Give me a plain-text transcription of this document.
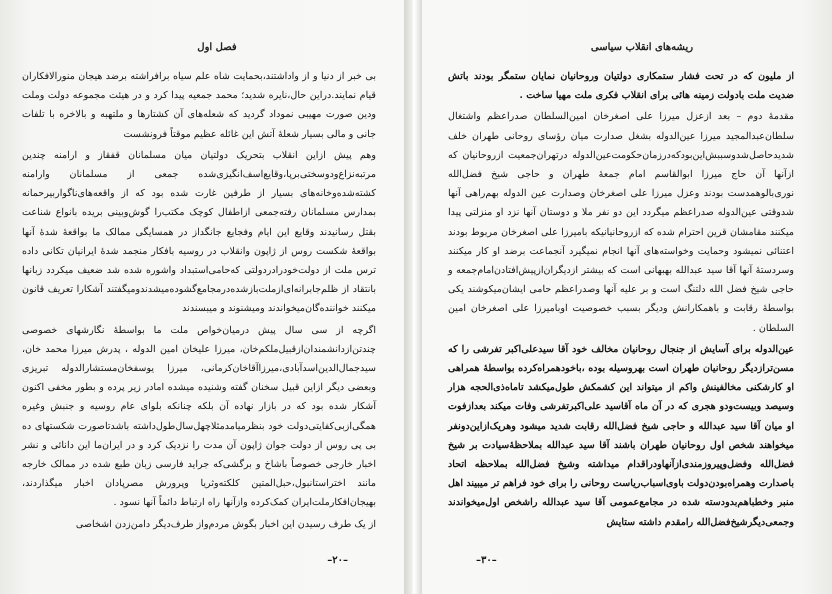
فصل اول

بی خبر از دنیا و از واداشتند،بحمایت شاه علم سیاه برافراشته برضد هیجان منورالافکاران قیام نمایند.دراین حال،نایره شدید؛ محمد جمعیه پیدا کرد و در هیئت مجموعه دولت وملت ودین صورت مهیبی نموداد گردید که شعله‌های آن کشتار‌ها و ملتهبه و بالاخره با تلفات جانی و مالی بسیار شعلهٔ آتش این غائله عظیم موقتاً فرونشست

وهم پیش ازاین انقلاب بتحریک دولتیان میان مسلمانان قفقاز و ارامنه چندین مرتبه‌نزاع‌ودوسختی‌برپا،وقایع‌اسف‌انگیزی‌شده جمعی از مسلمانان وارامنه کشته‌شده‌وخانه‌های بسیار از طرفین غارت شده بود که از واقعه‌های‌ناگوار‌بیرحمانه بمدارس مسلمانان رفته‌جمعی ازاطفال کوچک مکتب‌را گوش‌وبینی بریده بانواع شناعت بقتل رسانیدند وقایع این ایام وفجایع جانگداز در همسایگی ممالک ما بواقعهٔ شدهٔ آنها بواقعهٔ شکست روس از ژاپون وانقلاب در روسیه بافکار منجمد شدهٔ ایرانیان تکانی داده ترس ملت از دولت‌خودرا‌دردولتی‌ که‌حامی‌استبداد واشوره شده شد ضعیف میکردد زبانها بانتقاد از ظلم‌جابرانه‌ای‌ازملت‌باز‌شده‌درمجامع‌گشوده‌میشدند‌ومیگفتند آشکارا تعریف قانون میکنند خواننده‌گان‌میخواندند ومیشنوند و میبسندند

اگرچه از سی سال پیش درمیان‌خواص ملت ما بواسطهٔ نگارشهای خصوصی چندتن‌ازدانشمندان‌ازقبیل‌ملکم‌خان، میرزا علیخان امین الدوله ، پدرش میرزا محمد خان، سید‌جمال‌الدین‌اسدآبادی‌،میرزا‌آقاخان‌کرمانی، میرزا یوسفخان‌مستشار‌الدوله تبریزی وبعضی دیگر ازاین قبیل سخنان گفته وشنیده میشده امادر زیر پرده و بطور مخفی اکنون آشکار شده بود که در بازار نهاده آن بلکه چنانکه بلوای عام روسیه و جنبش وغیره همگی‌ازبی‌کفایتی‌دولت خود بنظرمیامدمثلاچهل‌سال‌طول‌داشته باشدتاصورت شکستهای ده بی پی روس از دولت جوان ژاپون آن مدت را نزدیک کرد و در ایران‌ما این دانائی و نشر اخبار خارجی خصوصاً باشاخ و برگشی‌که جراید فارسی زبان طبع شده در ممالک خارجه مانند اختر‌استانبول،حبل‌المتین کلکته‌وثریا وپرورش مصرپادان اخبار میگذاردند، بهیجان‌افکارملت‌ایران کمک‌کرده وازآنها راه ارتباط دائماً آنها نسود .

از یک طرف رسیدن این اخبار بگوش مردم‌واز طرف‌دیگر دامن‌زدن اشخاصی

–۲۰–
ریشه‌های انقلاب سیاسی

از ملیون که در تحت فشار ستمکاری دولتیان وروحانیان نمایان ستمگر بودند باتش ضدیت ملت بادولت زمینه هائی برای انقلاب فکری ملت مهیا ساخت .

مقدمهٔ دوم – بعد ازعزل میرزا علی اصغرخان امین‌السلطان صدراعظم واشتغال سلطان‌عبدالمجید میرزا عین‌الدوله بشغل صدارت میان رؤسای روحانی طهران خلف شدید‌حاصل‌شدو‌سببش‌این‌بود‌که‌در‌زمان‌حکومت‌عین‌الدوله در‌تهران‌جمعیت از‌روحانیان که از‌آنها آن حاج میرزا ابوالقاسم امام جمعهٔ طهران و حاجی شیخ فضل‌الله نوری‌بالوهمدست بودند وعزل میرزا علی اصغرخان وصدارت عین الدوله بهم‌راهی آنها شدوقتی عین‌الدوله صدراعظم میگردد این دو نفر ملا و دوستان آنها نزد او منزلتی پیدا میکنند مقامشان قرین احترام شده که ازروحانیانیکه بامیرزا علی اصغرخان مربوط بودند اعتنائی نمیشود وحمایت وخواسته‌های آنها انجام نمیگیرد آنجماعت برضد او کار میکنند وسردستهٔ آنها آقا سید عبدالله بهبهانی است که بیشتر ازدیگران‌ازپیش‌افتادن‌امام‌جمعه و حاجی شیخ فضل الله دلتنگ است و بر علیه آنها وصدراعظم حامی ایشان‌میکوشند یکی بواسطهٔ رقابت و باهمکارانش ودیگر بسبب خصوصیت اوبامیرزا علی اصغرخان امین السلطان .

عین‌الدوله برای آسایش از جنجال روحانیان مخالف خود آقا سیدعلی‌اکبر تفرشی را که مسن‌ترازدیگر روحانیان طهران است بهروسیله بوده ،باخودهمراه‌کرده بواسطهٔ همراهی او کارشکنی مخالفینش واکم از میتواند این کشمکش طول‌میکشد تاماه‌ذی‌الحجه هزار وسیصد وبیست‌ودو هجری که در آن ماه آقاسید علی‌اکبرتفرشی وفات میکند بعدازفوت او میان آقا سید عبدالله و حاجی شیخ فضل‌الله رقابت شدید میشود وهریک‌ازاین‌دونفر میخواهند شخص اول روحانیان طهران باشند آقا سید عبدالله بملاحظهٔ‌سیادت بر شیخ فضل‌الله وفضل‌وپیروزمندی‌از‌آنهاودراقدام میداشته وشیخ فضل‌الله بملاحظه اتحاد باصدارت وهمراه‌بودن‌دولت باوی‌اسباب‌ریاست روحانی را برای خود فراهم تر میبیند اهل منبر وخطباهم‌بدودسته‌ شده در مجامع‌عمومی آقا سید عبدالله راشخص اول‌میخواندند وجمعی‌دیگر‌شیخ‌فضل‌الله را‌مقدم داشته ستایش

–۳۰–
